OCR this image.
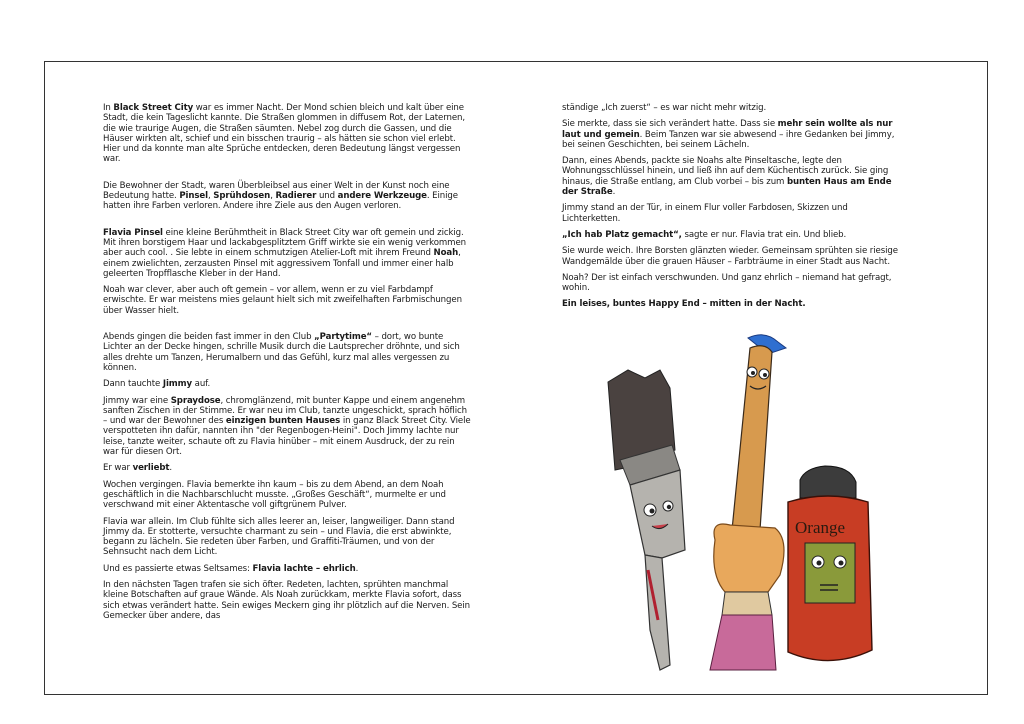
In Black Street City war es immer Nacht. Der Mond schien bleich und kalt über eine Stadt, die kein Tageslicht kannte. Die Straßen glommen in diffusem Rot, der Laternen, die wie traurige Augen, die Straßen säumten. Nebel zog durch die Gassen, und die Häuser wirkten alt, schief und ein bisschen traurig – als hätten sie schon viel erlebt. Hier und da konnte man alte Sprüche entdecken, deren Bedeutung längst vergessen war.

Die Bewohner der Stadt, waren Überbleibsel aus einer Welt in der Kunst noch eine Bedeutung hatte. Pinsel, Sprühdosen, Radierer und andere Werkzeuge. Einige hatten ihre Farben verloren. Andere ihre Ziele aus den Augen verloren.

Flavia Pinsel eine kleine Berühmtheit in Black Street City war oft gemein und zickig. Mit ihren borstigem Haar und lackabgesplitztem Griff wirkte sie ein wenig verkommen aber auch cool. . Sie lebte in einem schmutzigen Atelier-Loft mit ihrem Freund Noah, einem zwielichten, zerzausten Pinsel mit aggressivem Tonfall und immer einer halb geleerten Tropfflasche Kleber in der Hand.

Noah war clever, aber auch oft gemein – vor allem, wenn er zu viel Farbdampf erwischte. Er war meistens mies gelaunt hielt sich mit zweifelhaften Farbmischungen über Wasser hielt.

Abends gingen die beiden fast immer in den Club „Partytime“ – dort, wo bunte Lichter an der Decke hingen, schrille Musik durch die Lautsprecher dröhnte, und sich alles drehte um Tanzen, Herumalbern und das Gefühl, kurz mal alles vergessen zu können.

Dann tauchte Jimmy auf.

Jimmy war eine Spraydose, chromglänzend, mit bunter Kappe und einem angenehm sanften Zischen in der Stimme. Er war neu im Club, tanzte ungeschickt, sprach höflich – und war der Bewohner des einzigen bunten Hauses in ganz Black Street City. Viele verspotteten ihn dafür, nannten ihn "der Regenbogen-Heini". Doch Jimmy lachte nur leise, tanzte weiter, schaute oft zu Flavia hinüber – mit einem Ausdruck, der zu rein war für diesen Ort.

Er war verliebt.

Wochen vergingen. Flavia bemerkte ihn kaum – bis zu dem Abend, an dem Noah geschäftlich in die Nachbarschlucht musste. „Großes Geschäft“, murmelte er und verschwand mit einer Aktentasche voll giftgrünem Pulver.

Flavia war allein. Im Club fühlte sich alles leerer an, leiser, langweiliger. Dann stand Jimmy da. Er stotterte, versuchte charmant zu sein – und Flavia, die erst abwinkte, begann zu lächeln. Sie redeten über Farben, und Graffiti-Träumen, und von der Sehnsucht nach dem Licht.

Und es passierte etwas Seltsames: Flavia lachte – ehrlich.

In den nächsten Tagen trafen sie sich öfter. Redeten, lachten, sprühten manchmal kleine Botschaften auf graue Wände. Als Noah zurückkam, merkte Flavia sofort, dass sich etwas verändert hatte. Sein ewiges Meckern ging ihr plötzlich auf die Nerven. Sein Gemecker über andere, das

ständige „Ich zuerst“ – es war nicht mehr witzig.

Sie merkte, dass sie sich verändert hatte. Dass sie mehr sein wollte als nur laut und gemein. Beim Tanzen war sie abwesend – ihre Gedanken bei Jimmy, bei seinen Geschichten, bei seinem Lächeln.

Dann, eines Abends, packte sie Noahs alte Pinseltasche, legte den Wohnungsschlüssel hinein, und ließ ihn auf dem Küchentisch zurück. Sie ging hinaus, die Straße entlang, am Club vorbei – bis zum bunten Haus am Ende der Straße.

Jimmy stand an der Tür, in einem Flur voller Farbdosen, Skizzen und Lichterketten.

„Ich hab Platz gemacht“, sagte er nur. Flavia trat ein. Und blieb.

Sie wurde weich. Ihre Borsten glänzten wieder. Gemeinsam sprühten sie riesige Wandgemälde über die grauen Häuser – Farbträume in einer Stadt aus Nacht.

Noah? Der ist einfach verschwunden. Und ganz ehrlich – niemand hat gefragt, wohin.

Ein leises, buntes Happy End – mitten in der Nacht.

Orange
